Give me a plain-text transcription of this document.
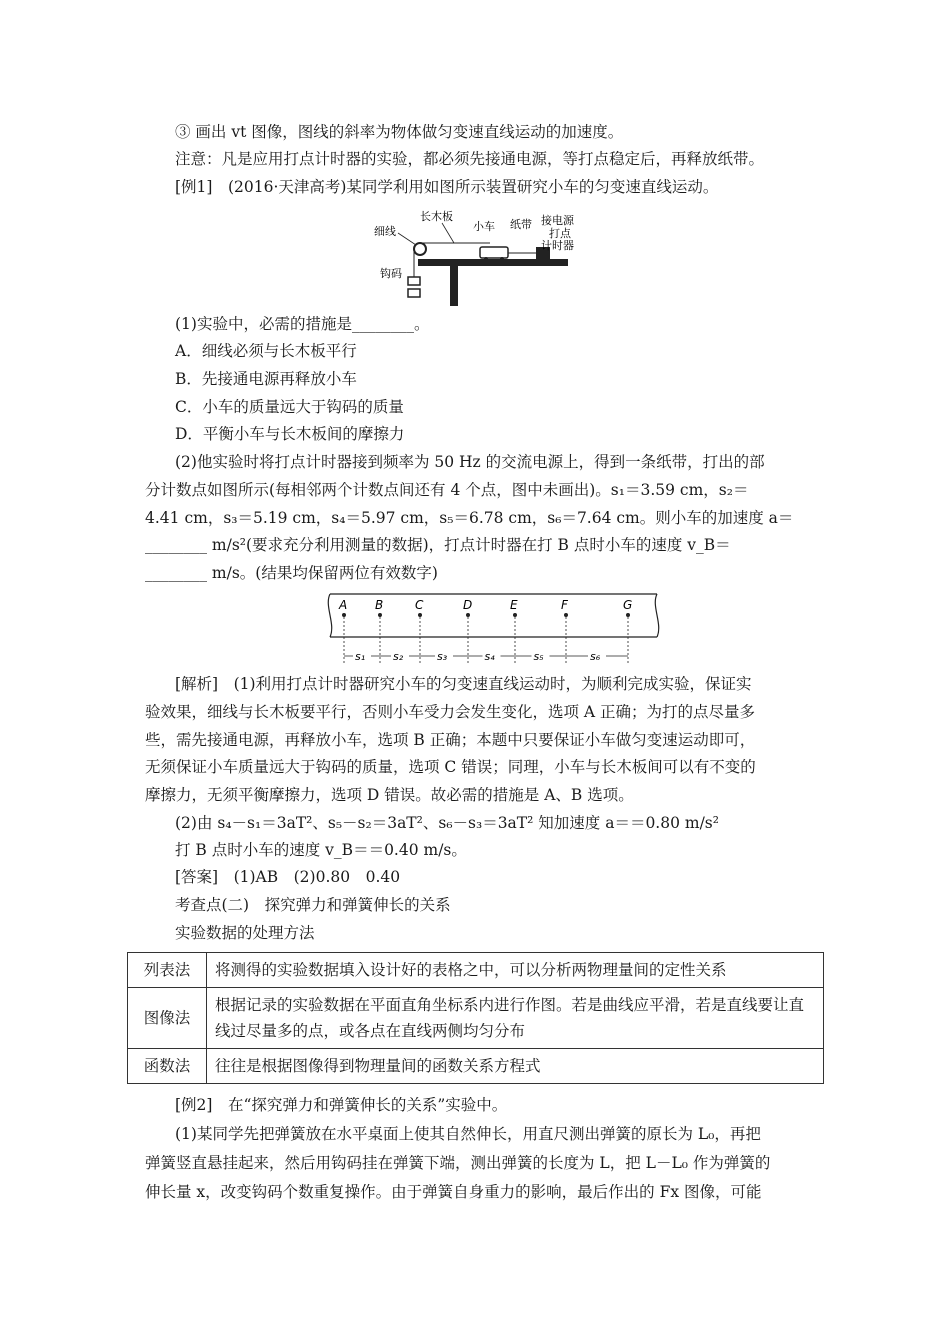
③ 画出 vt 图像，图线的斜率为物体做匀变速直线运动的加速度。
注意：凡是应用打点计时器的实验，都必须先接通电源，等打点稳定后，再释放纸带。
[例1]　(2016·天津高考)某同学利用如图所示装置研究小车的匀变速直线运动。
长木板
小车 纸带 接电源
打点
计时器
细线
钩码
(1)实验中，必需的措施是________。
A．细线必须与长木板平行
B．先接通电源再释放小车
C．小车的质量远大于钩码的质量
D．平衡小车与长木板间的摩擦力
(2)他实验时将打点计时器接到频率为 50 Hz 的交流电源上，得到一条纸带，打出的部
分计数点如图所示(每相邻两个计数点间还有 4 个点，图中未画出)。s₁＝3.59 cm，s₂＝
4.41 cm，s₃＝5.19 cm，s₄＝5.97 cm，s₅＝6.78 cm，s₆＝7.64 cm。则小车的加速度 a＝
________ m/s²(要求充分利用测量的数据)，打点计时器在打 B 点时小车的速度 v_B＝
________ m/s。(结果均保留两位有效数字)
A B	C	D	E	F	G
s₁	s₂	s₃	s₄	s₅	s₆
[解析]　(1)利用打点计时器研究小车的匀变速直线运动时，为顺利完成实验，保证实
验效果，细线与长木板要平行，否则小车受力会发生变化，选项 A 正确；为打的点尽量多
些，需先接通电源，再释放小车，选项 B 正确；本题中只要保证小车做匀变速运动即可，
无须保证小车质量远大于钩码的质量，选项 C 错误；同理，小车与长木板间可以有不变的
摩擦力，无须平衡摩擦力，选项 D 错误。故必需的措施是 A、B 选项。
(2)由 s₄－s₁＝3aT²、s₅－s₂＝3aT²、s₆－s₃＝3aT² 知加速度 a＝＝0.80 m/s²
打 B 点时小车的速度 v_B＝＝0.40 m/s。
[答案]　(1)AB　(2)0.80　0.40
考查点(二)　探究弹力和弹簧伸长的关系
实验数据的处理方法
列表法	将测得的实验数据填入设计好的表格之中，可以分析两物理量间的定性关系
图像法	根据记录的实验数据在平面直角坐标系内进行作图。若是曲线应平滑，若是直线要让直线过尽量多的点，或各点在直线两侧均匀分布
函数法	往往是根据图像得到物理量间的函数关系方程式
[例2]　在“探究弹力和弹簧伸长的关系”实验中。
(1)某同学先把弹簧放在水平桌面上使其自然伸长，用直尺测出弹簧的原长为 L₀，再把
弹簧竖直悬挂起来，然后用钩码挂在弹簧下端，测出弹簧的长度为 L，把 L－L₀ 作为弹簧的
伸长量 x，改变钩码个数重复操作。由于弹簧自身重力的影响，最后作出的 Fx 图像，可能
